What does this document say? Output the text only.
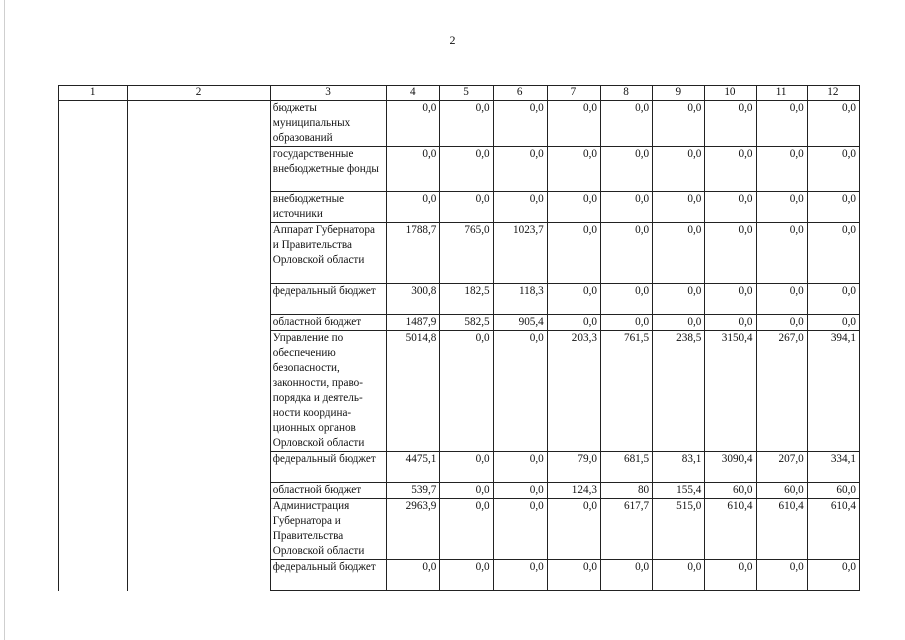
2
1	2	3	4	5	6	7	8	9	10	11	12
		бюджеты муниципальных образований	0,0	0,0	0,0	0,0	0,0	0,0	0,0	0,0	0,0
		государственные внебюджетные фонды	0,0	0,0	0,0	0,0	0,0	0,0	0,0	0,0	0,0
		внебюджетные источники	0,0	0,0	0,0	0,0	0,0	0,0	0,0	0,0	0,0
		Аппарат Губернатора и Правительства Орловской области	1788,7	765,0	1023,7	0,0	0,0	0,0	0,0	0,0	0,0
		федеральный бюджет	300,8	182,5	118,3	0,0	0,0	0,0	0,0	0,0	0,0
		областной бюджет	1487,9	582,5	905,4	0,0	0,0	0,0	0,0	0,0	0,0
		Управление по обеспечению безопасности, законности, право-порядка и деятель-ности координа-ционных органов Орловской области	5014,8	0,0	0,0	203,3	761,5	238,5	3150,4	267,0	394,1
		федеральный бюджет	4475,1	0,0	0,0	79,0	681,5	83,1	3090,4	207,0	334,1
		областной бюджет	539,7	0,0	0,0	124,3	80	155,4	60,0	60,0	60,0
		Администрация Губернатора и Правительства Орловской области	2963,9	0,0	0,0	0,0	617,7	515,0	610,4	610,4	610,4
		федеральный бюджет	0,0	0,0	0,0	0,0	0,0	0,0	0,0	0,0	0,0
